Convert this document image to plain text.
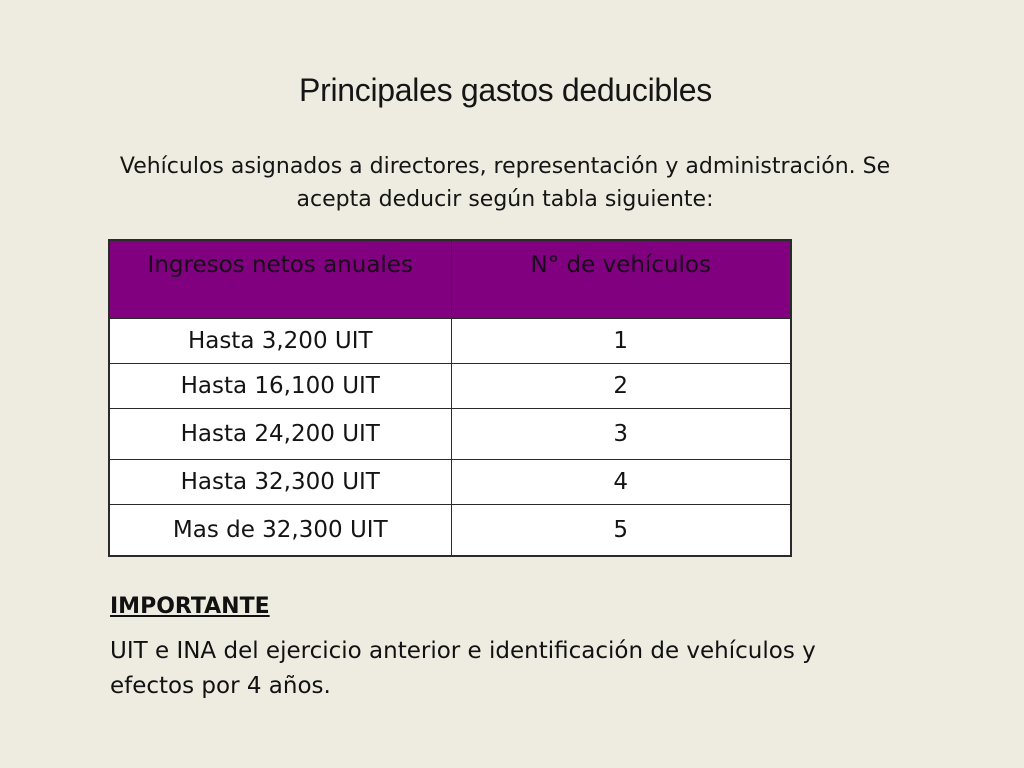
Principales gastos deducibles
Vehículos asignados a directores, representación y administración. Se acepta deducir según tabla siguiente:
Ingresos netos anuales	N° de vehículos
Hasta 3,200 UIT	1
Hasta 16,100 UIT	2
Hasta 24,200 UIT	3
Hasta 32,300 UIT	4
Mas de 32,300 UIT	5
IMPORTANTE
UIT e INA del ejercicio anterior e identificación de vehículos y efectos por 4 años.
